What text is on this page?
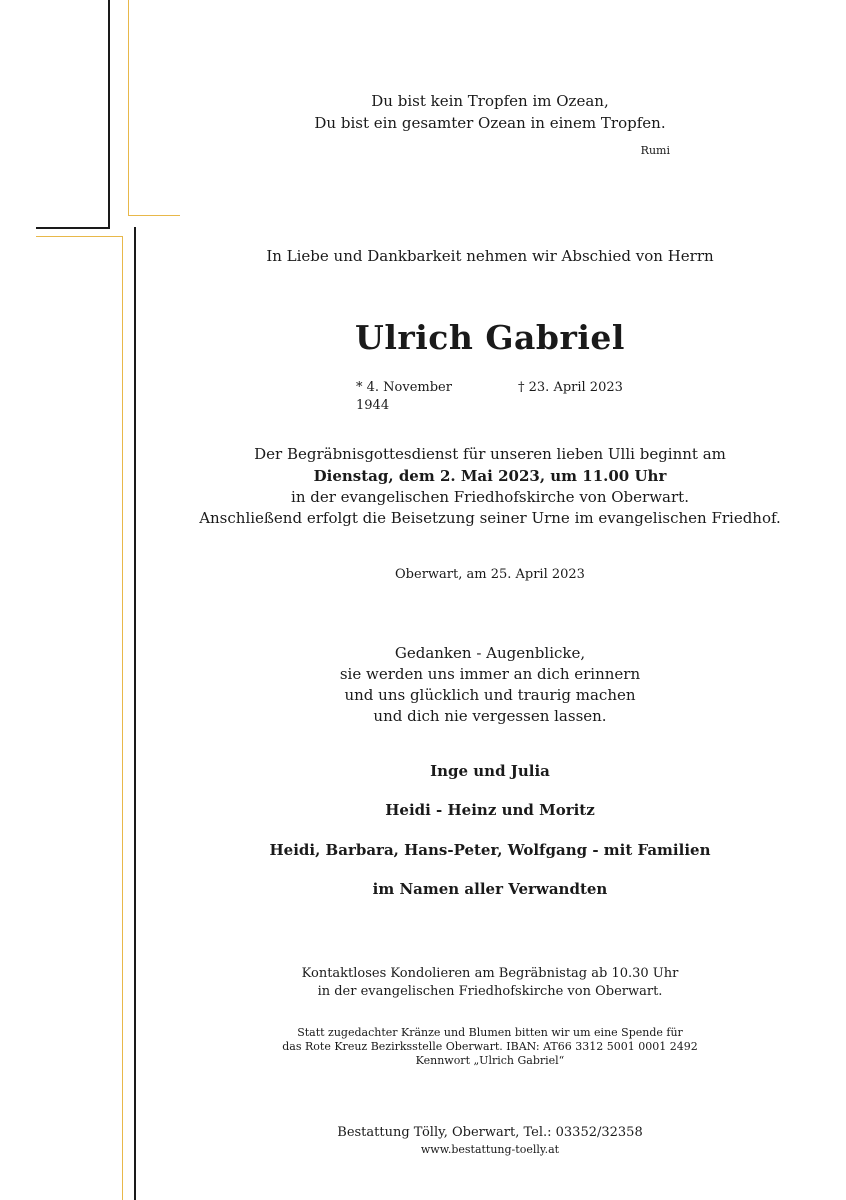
Du bist kein Tropfen im Ozean,
Du bist ein gesamter Ozean in einem Tropfen.
Rumi
In Liebe und Dankbarkeit nehmen wir Abschied von Herrn
Ulrich Gabriel
* 4. November 1944
† 23. April 2023
Der Begräbnisgottesdienst für unseren lieben Ulli beginnt am
Dienstag, dem 2. Mai 2023, um 11.00 Uhr
in der evangelischen Friedhofskirche von Oberwart.
Anschließend erfolgt die Beisetzung seiner Urne im evangelischen Friedhof.
Oberwart, am 25. April 2023
Gedanken - Augenblicke,
sie werden uns immer an dich erinnern
und uns glücklich und traurig machen
und dich nie vergessen lassen.
Inge und Julia
Heidi - Heinz und Moritz
Heidi, Barbara, Hans-Peter, Wolfgang - mit Familien
im Namen aller Verwandten
Kontaktloses Kondolieren am Begräbnistag ab 10.30 Uhr
in der evangelischen Friedhofskirche von Oberwart.
Statt zugedachter Kränze und Blumen bitten wir um eine Spende für
das Rote Kreuz Bezirksstelle Oberwart. IBAN: AT66 3312 5001 0001 2492
Kennwort „Ulrich Gabriel“
Bestattung Tölly, Oberwart, Tel.: 03352/32358
www.bestattung-toelly.at
